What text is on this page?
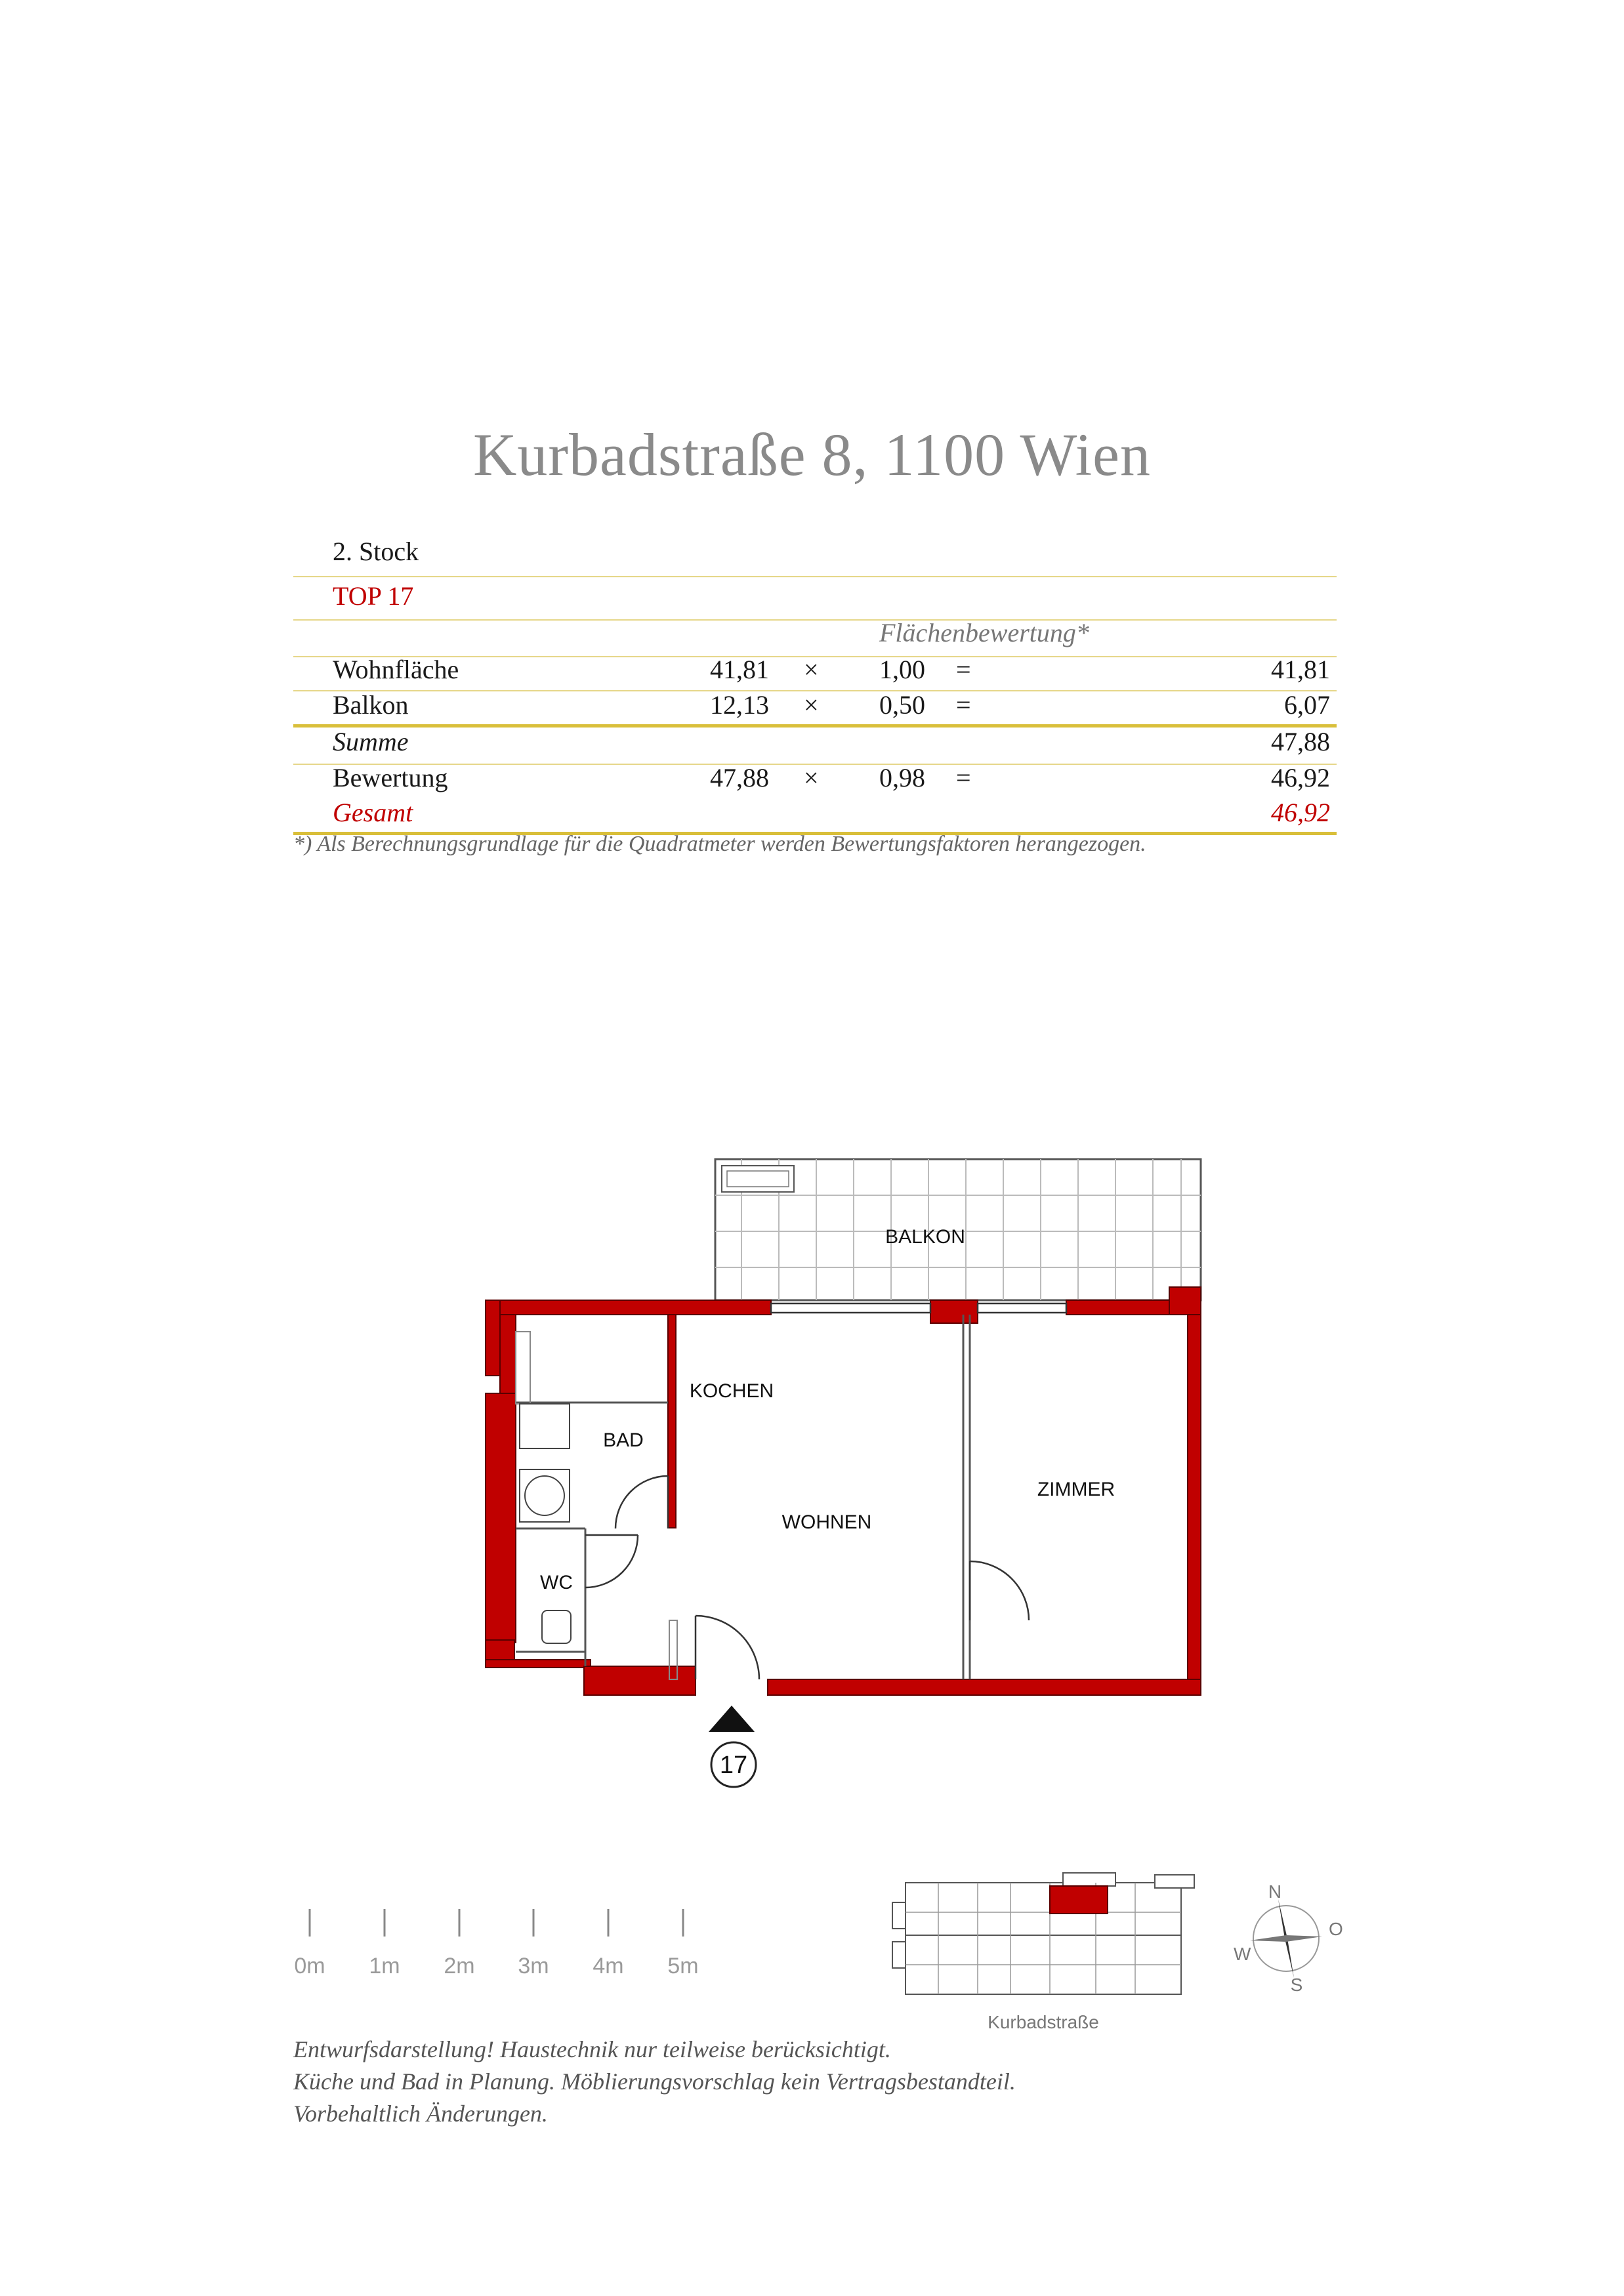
Kurbadstraße 8, 1100 Wien
2. Stock
TOP 17
Flächenbewertung*
Wohnfläche	41,81 × 1,00 =	41,81
Balkon	12,13 × 0,50 =	6,07
Summe	47,88
Bewertung	47,88 × 0,98 =	46,92
Gesamt	46,92
*) Als Berechnungsgrundlage für die Quadratmeter werden Bewertungsfaktoren herangezogen.
BALKON
KOCHEN
BAD
WOHNEN
ZIMMER
WC
17
0m 1m 2m 3m 4m 5m
Kurbadstraße
N
O
S
W
Entwurfsdarstellung! Haustechnik nur teilweise berücksichtigt.
Küche und Bad in Planung. Möblierungsvorschlag kein Vertragsbestandteil.
Vorbehaltlich Änderungen.
